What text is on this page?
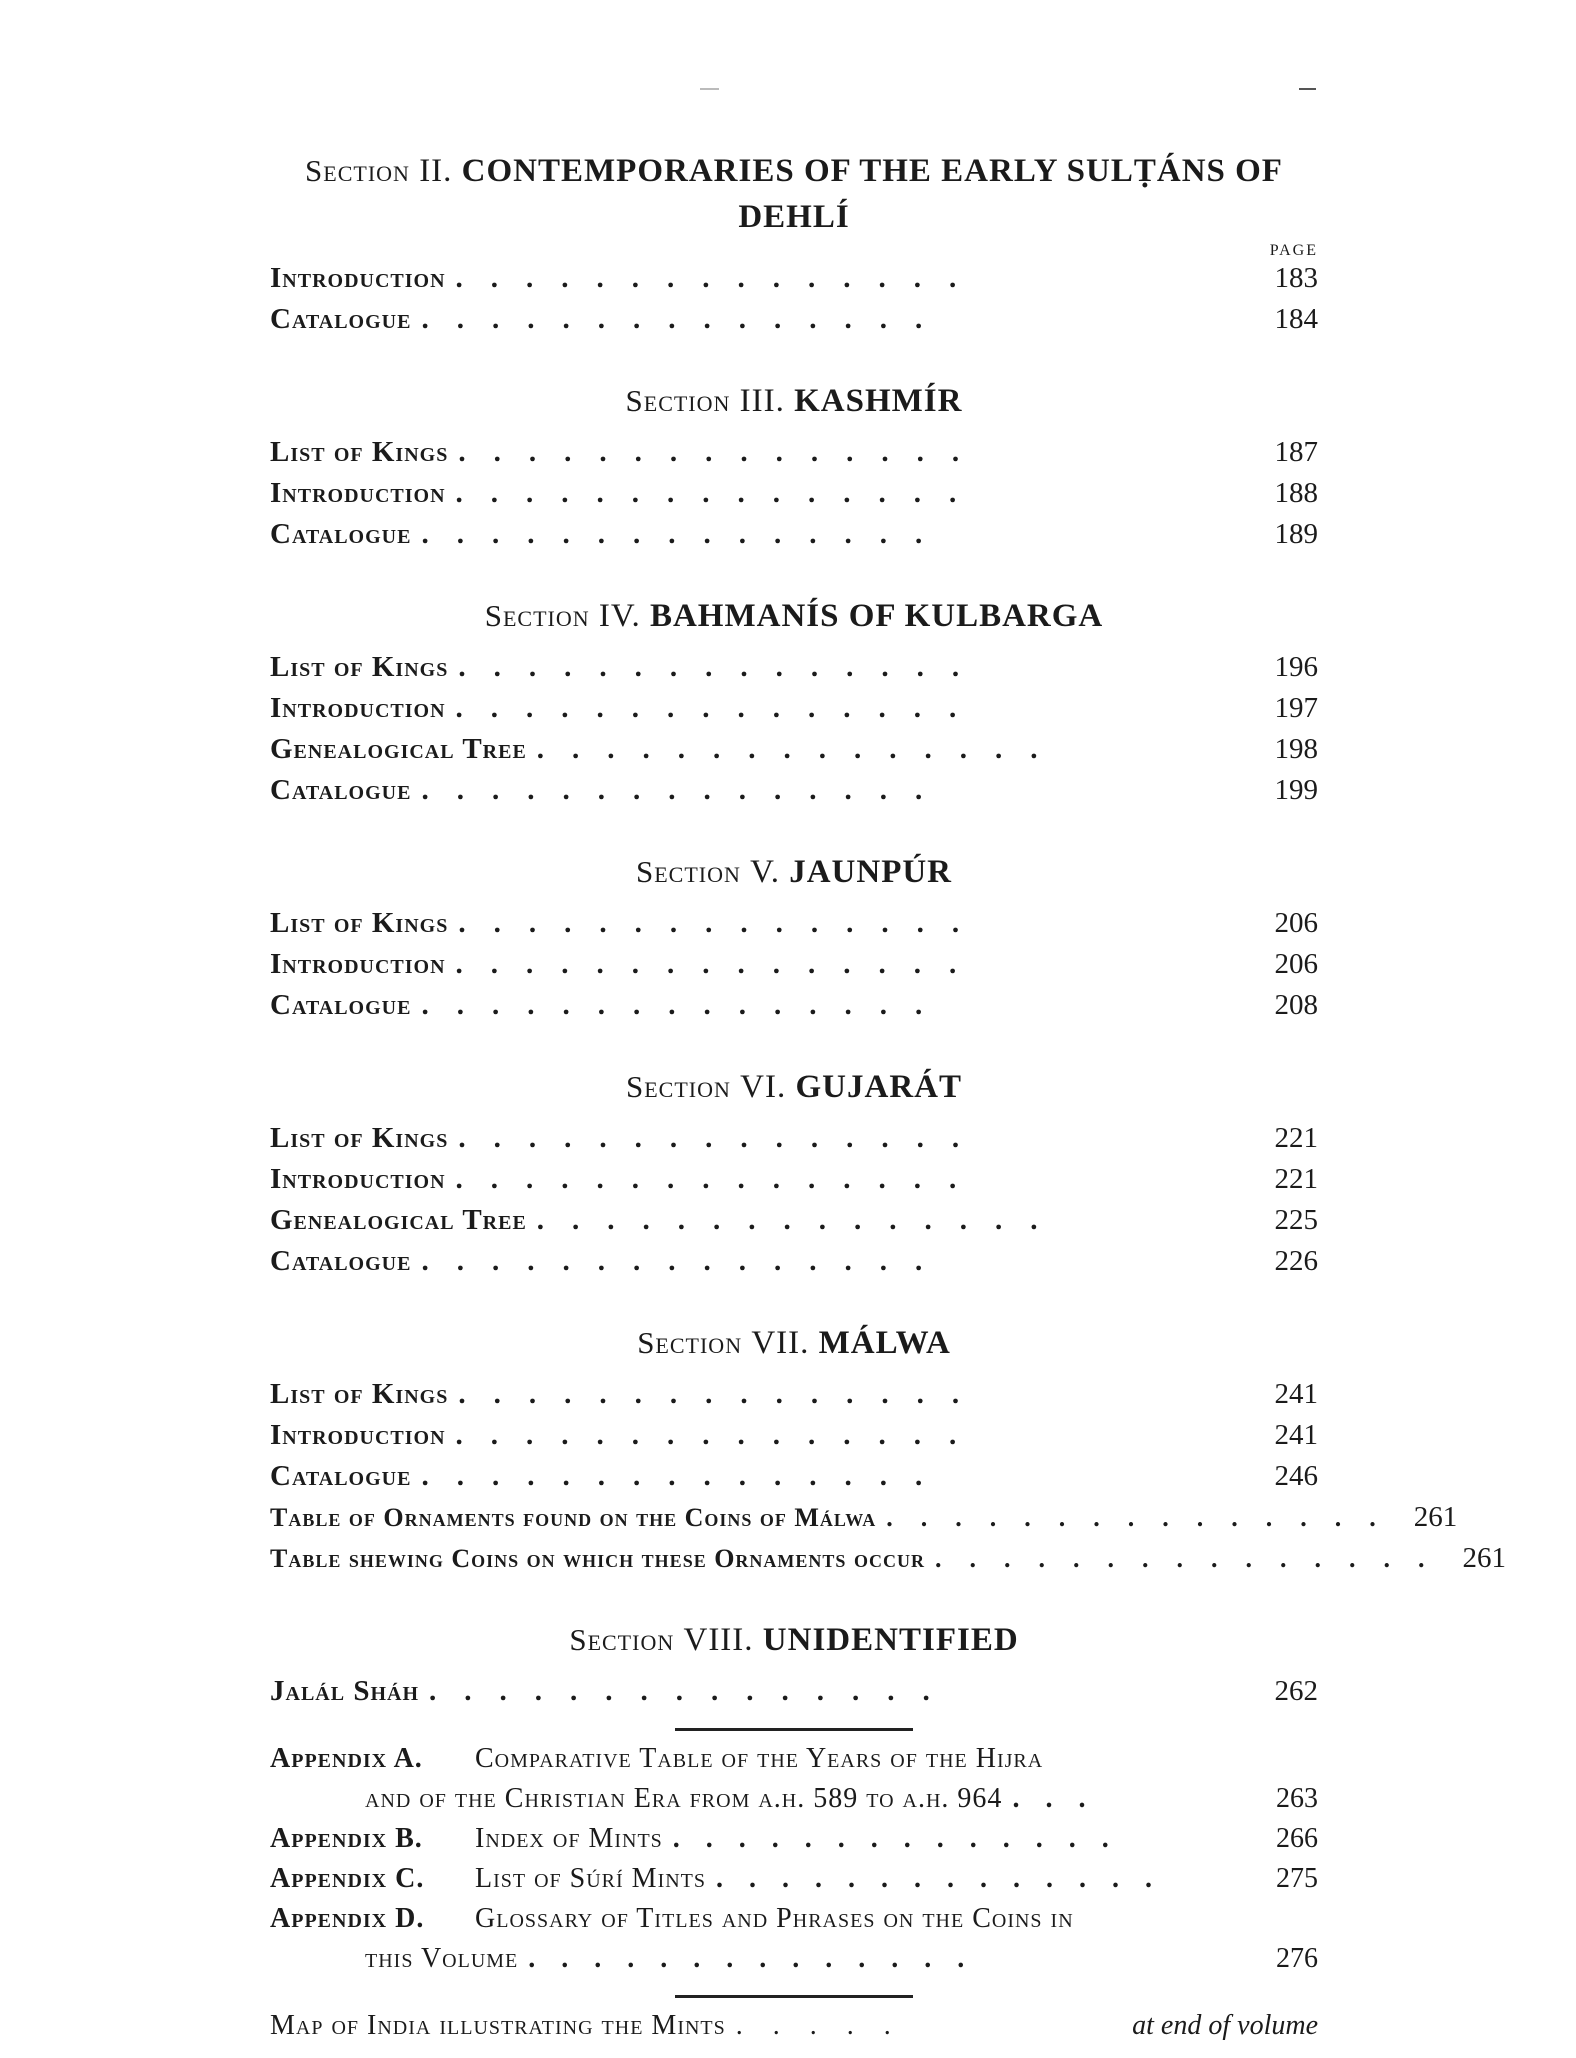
Section II. CONTEMPORARIES OF THE EARLY SULṬÁNS OF DEHLÍ
PAGE
Introduction ...............	183
Catalogue ...............	184
Section III. KASHMÍR
List of Kings ...............	187
Introduction ...............	188
Catalogue ...............	189
Section IV. BAHMANÍS OF KULBARGA
List of Kings ...............	196
Introduction ...............	197
Genealogical Tree ...............	198
Catalogue ...............	199
Section V. JAUNPÚR
List of Kings ...............	206
Introduction ...............	206
Catalogue ...............	208
Section VI. GUJARÁT
List of Kings ...............	221
Introduction ...............	221
Genealogical Tree ...............	225
Catalogue ...............	226
Section VII. MÁLWA
List of Kings ...............	241
Introduction ...............	241
Catalogue ...............	246
Table of Ornaments found on the Coins of Málwa ............... 261
Table shewing Coins on which these Ornaments occur ............... 261
Section VIII. UNIDENTIFIED
Jalál Sháh ...............	262
Appendix A.	Comparative Table of the Years of the Hijra
and of the Christian Era from a.h. 589 to a.h. 964 ...	263
Appendix B.	Index of Mints ..............	266
Appendix C.	List of Súrí Mints ..............	275
Appendix D.	Glossary of Titles and Phrases on the Coins in
this Volume ..............	276
Map of India illustrating the Mints .....	at end of volume
